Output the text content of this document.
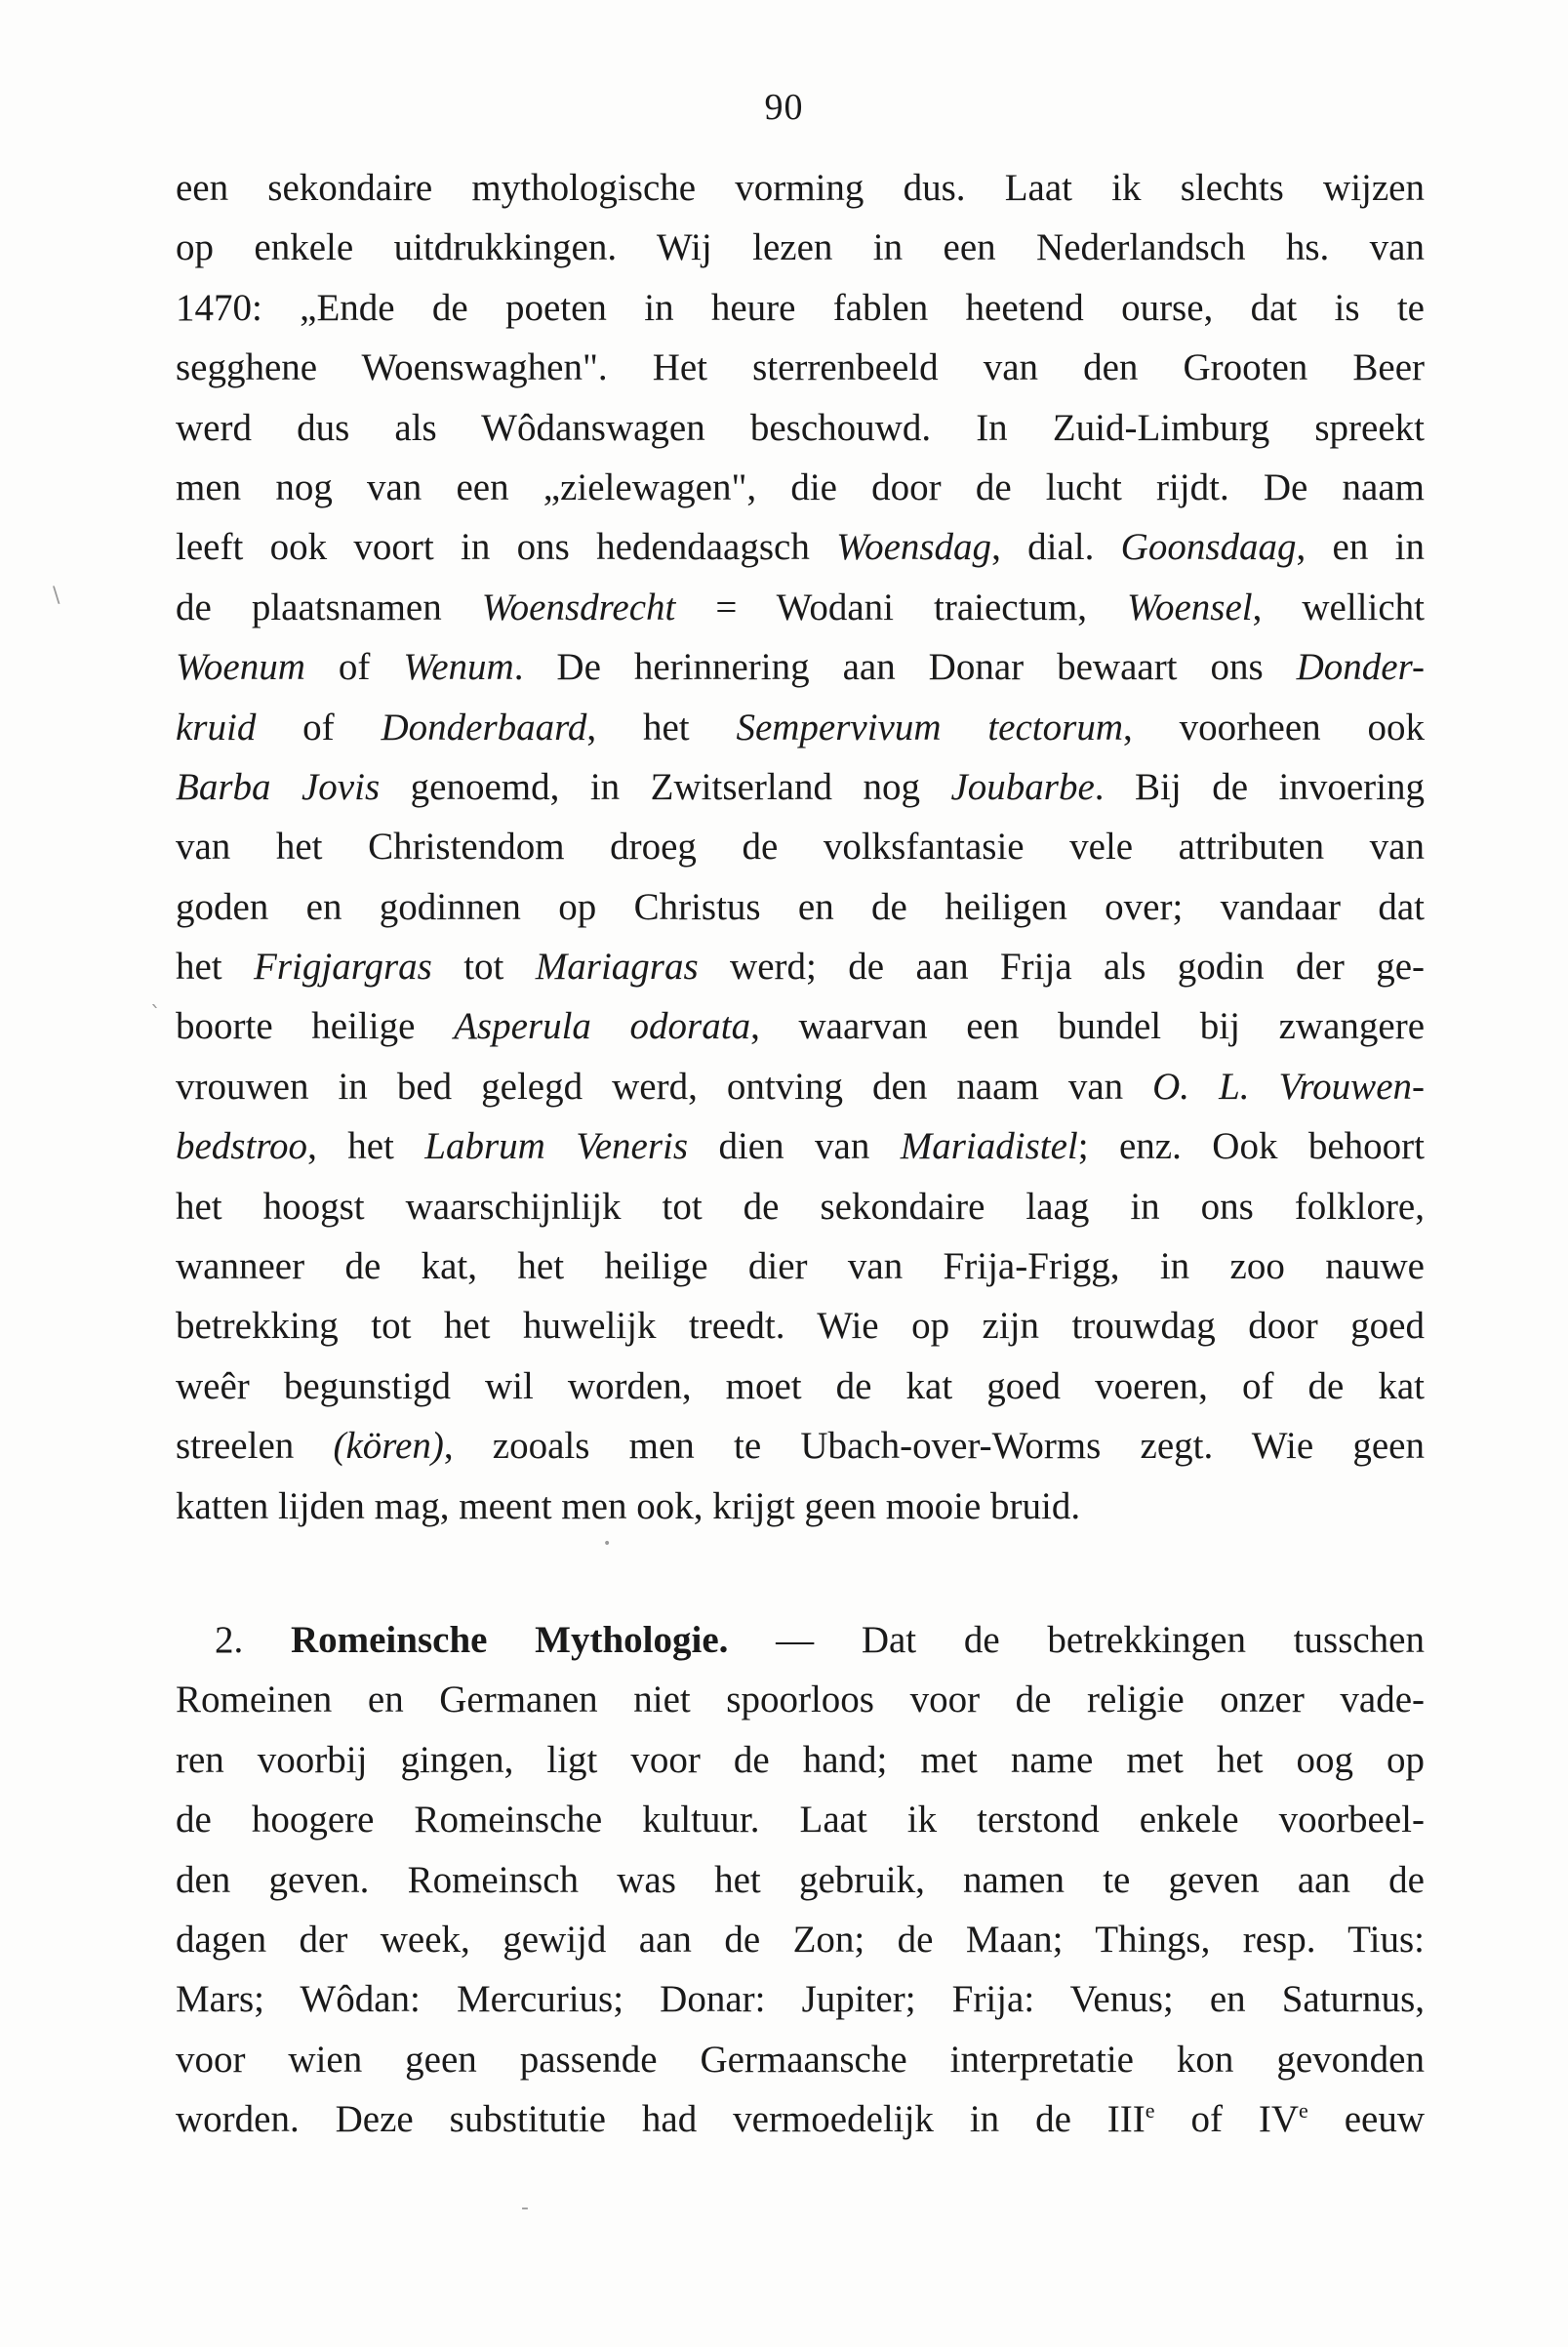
90
\
`
•
-
een sekondaire mythologische vorming dus. Laat ik slechts wijzen
op enkele uitdrukkingen. Wij lezen in een Nederlandsch hs. van
1470: „Ende de poeten in heure fablen heetend ourse, dat is te
segghene Woenswaghen". Het sterrenbeeld van den Grooten Beer
werd dus als Wôdanswagen beschouwd. In Zuid-Limburg spreekt
men nog van een „zielewagen", die door de lucht rijdt. De naam
leeft ook voort in ons hedendaagsch Woensdag, dial. Goonsdaag, en in
de plaatsnamen Woensdrecht = Wodani traiectum, Woensel, wellicht
Woenum of Wenum. De herinnering aan Donar bewaart ons Donder-
kruid of Donderbaard, het Sempervivum tectorum, voorheen ook
Barba Jovis genoemd, in Zwitserland nog Joubarbe. Bij de invoering
van het Christendom droeg de volksfantasie vele attributen van
goden en godinnen op Christus en de heiligen over; vandaar dat
het Frigjargras tot Mariagras werd; de aan Frija als godin der ge-
boorte heilige Asperula odorata, waarvan een bundel bij zwangere
vrouwen in bed gelegd werd, ontving den naam van O. L. Vrouwen-
bedstroo, het Labrum Veneris dien van Mariadistel; enz. Ook behoort
het hoogst waarschijnlijk tot de sekondaire laag in ons folklore,
wanneer de kat, het heilige dier van Frija-Frigg, in zoo nauwe
betrekking tot het huwelijk treedt. Wie op zijn trouwdag door goed
weêr begunstigd wil worden, moet de kat goed voeren, of de kat
streelen (kören), zooals men te Ubach-over-Worms zegt. Wie geen
katten lijden mag, meent men ook, krijgt geen mooie bruid.
2. Romeinsche Mythologie. — Dat de betrekkingen tusschen
Romeinen en Germanen niet spoorloos voor de religie onzer vade-
ren voorbij gingen, ligt voor de hand; met name met het oog op
de hoogere Romeinsche kultuur. Laat ik terstond enkele voorbeel-
den geven. Romeinsch was het gebruik, namen te geven aan de
dagen der week, gewijd aan de Zon; de Maan; Things, resp. Tius:
Mars; Wôdan: Mercurius; Donar: Jupiter; Frija: Venus; en Saturnus,
voor wien geen passende Germaansche interpretatie kon gevonden
worden. Deze substitutie had vermoedelijk in de IIIe of IVe eeuw
